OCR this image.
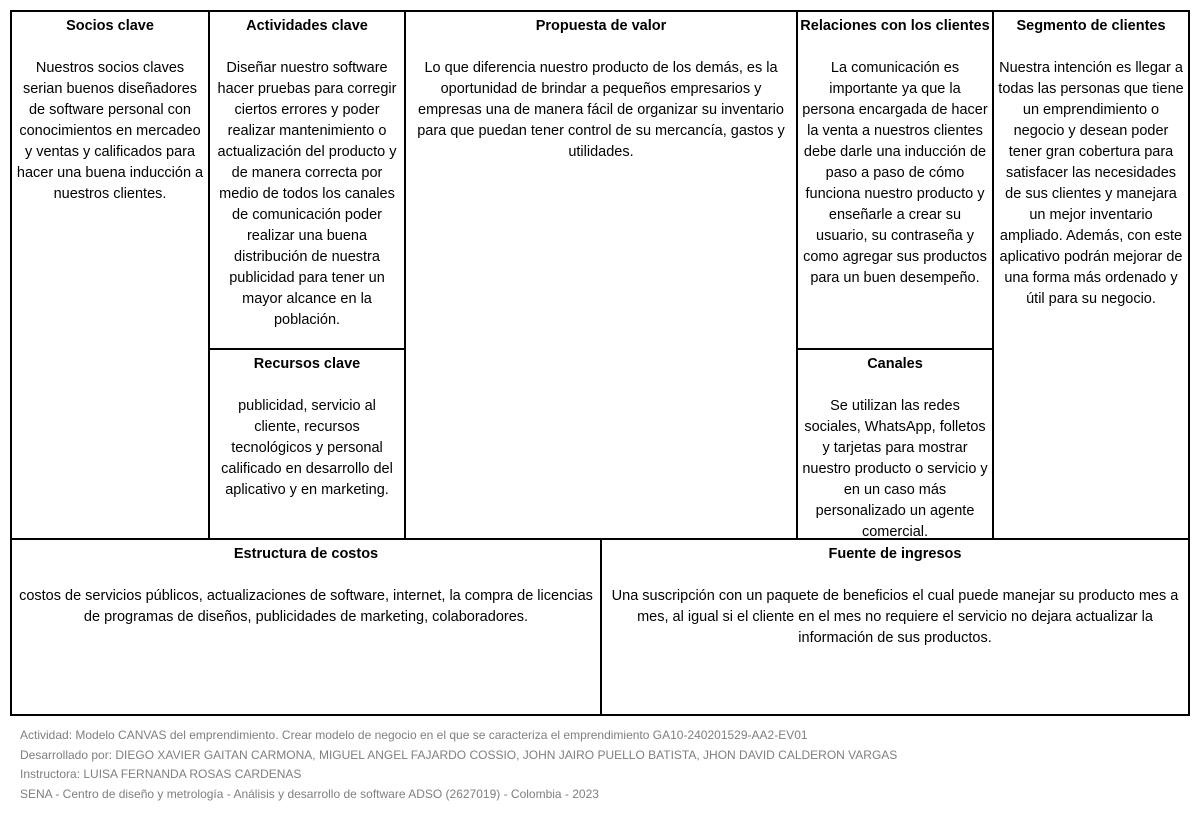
Socios clave

Nuestros socios claves serian buenos diseñadores de software personal con conocimientos en mercadeo y ventas y calificados para hacer una buena inducción a nuestros clientes.

Actividades clave

Diseñar nuestro software hacer pruebas para corregir ciertos errores y poder realizar mantenimiento o actualización del producto y de manera correcta por medio de todos los canales de comunicación poder realizar una buena distribución de nuestra publicidad para tener un mayor alcance en la población.

Recursos clave

publicidad, servicio al cliente, recursos tecnológicos y personal calificado en desarrollo del aplicativo y en marketing.

Propuesta de valor

Lo que diferencia nuestro producto de los demás, es la oportunidad de brindar a pequeños empresarios y empresas una de manera fácil de organizar su inventario para que puedan tener control de su mercancía, gastos y utilidades.

Relaciones con los clientes

La comunicación es importante ya que la persona encargada de hacer la venta a nuestros clientes debe darle una inducción de paso a paso de cómo funciona nuestro producto y enseñarle a crear su usuario, su contraseña y como agregar sus productos para un buen desempeño.

Canales

Se utilizan las redes sociales, WhatsApp, folletos y tarjetas para mostrar nuestro producto o servicio y en un caso más personalizado un agente comercial.

Segmento de clientes

Nuestra intención es llegar a todas las personas que tiene un emprendimiento o negocio y desean poder tener gran cobertura para satisfacer las necesidades de sus clientes y manejara un mejor inventario ampliado. Además, con este aplicativo podrán mejorar de una forma más ordenado y útil para su negocio.

Estructura de costos

costos de servicios públicos, actualizaciones de software, internet, la compra de licencias de programas de diseños, publicidades de marketing, colaboradores.

Fuente de ingresos

Una suscripción con un paquete de beneficios el cual puede manejar su producto mes a mes, al igual si el cliente en el mes no requiere el servicio no dejara actualizar la información de sus productos.

Actividad: Modelo CANVAS del emprendimiento. Crear modelo de negocio en el que se caracteriza el emprendimiento GA10-240201529-AA2-EV01
Desarrollado por: DIEGO XAVIER GAITAN CARMONA, MIGUEL ANGEL FAJARDO COSSIO, JOHN JAIRO PUELLO BATISTA, JHON DAVID CALDERON VARGAS
Instructora: LUISA FERNANDA ROSAS CARDENAS
SENA - Centro de diseño y metrología - Análisis y desarrollo de software ADSO (2627019) - Colombia - 2023
